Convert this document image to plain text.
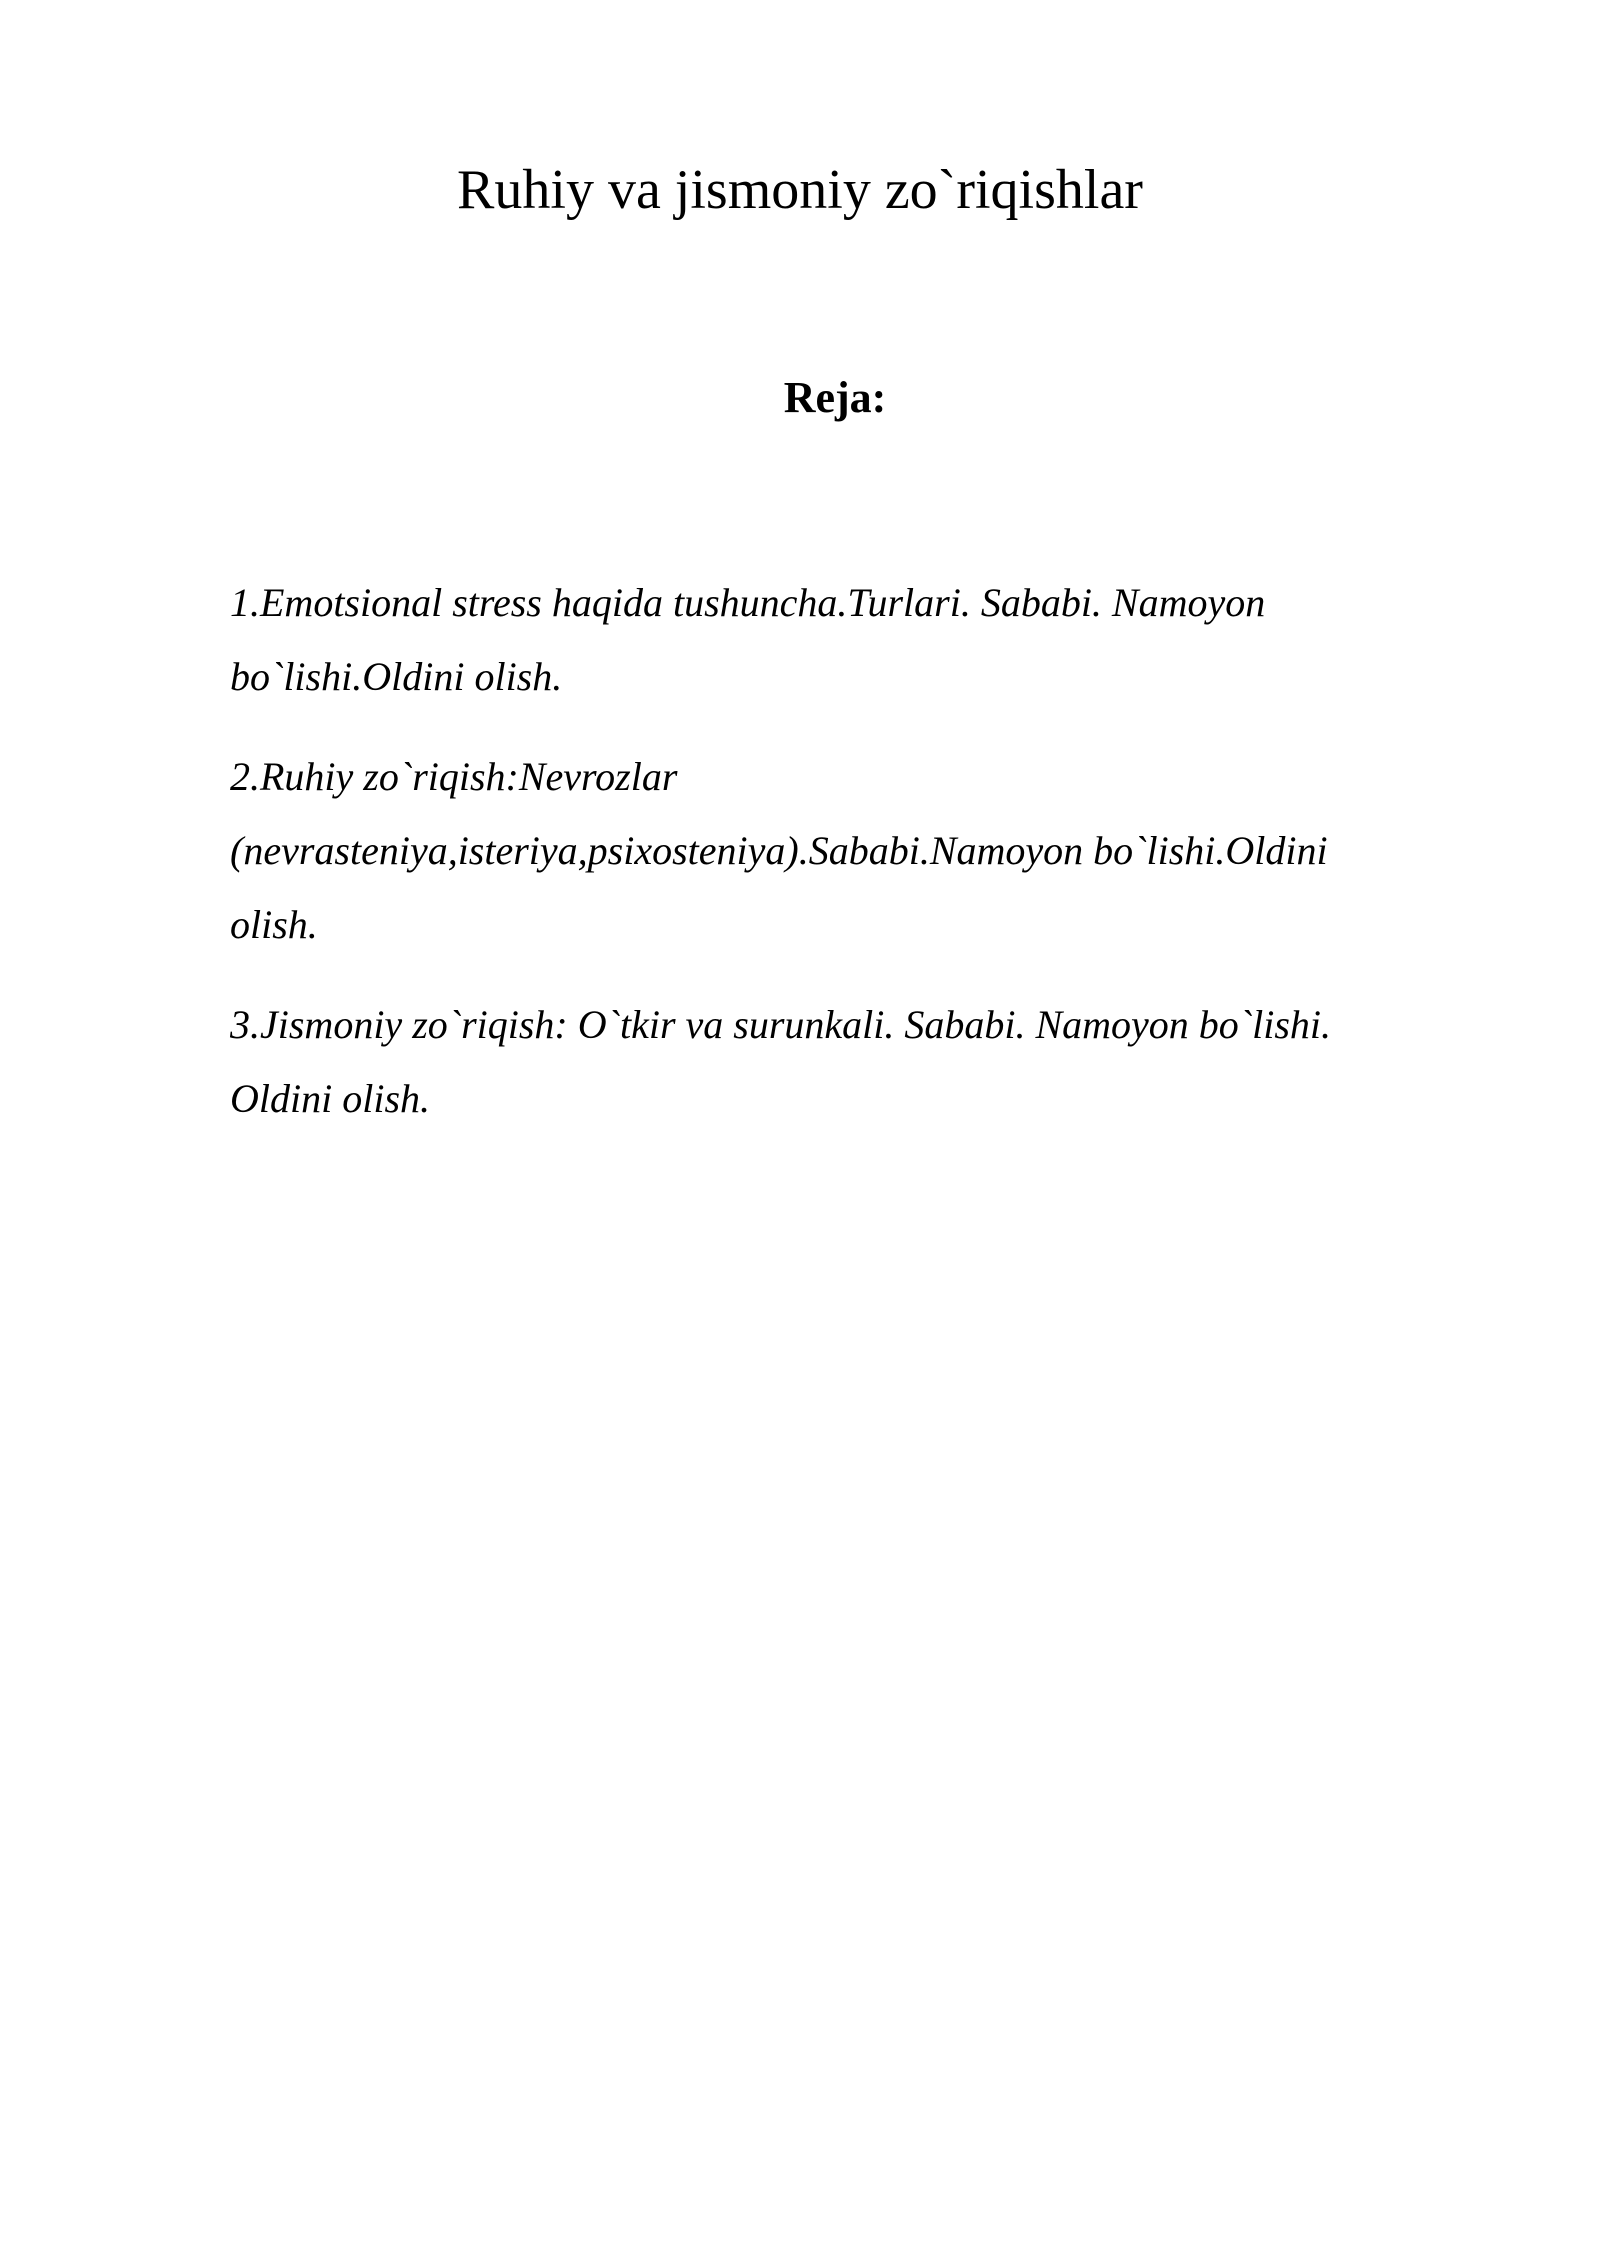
Ruhiy va jismoniy zo`riqishlar
Reja:
1.Emotsional stress haqida tushuncha.Turlari. Sababi. Namoyon
bo`lishi.Oldini olish.
2.Ruhiy zo`riqish:Nevrozlar
(nevrasteniya,isteriya,psixosteniya).Sababi.Namoyon bo`lishi.Oldini
olish.
3.Jismoniy zo`riqish: O`tkir va surunkali. Sababi. Namoyon bo`lishi.
Oldini olish.
